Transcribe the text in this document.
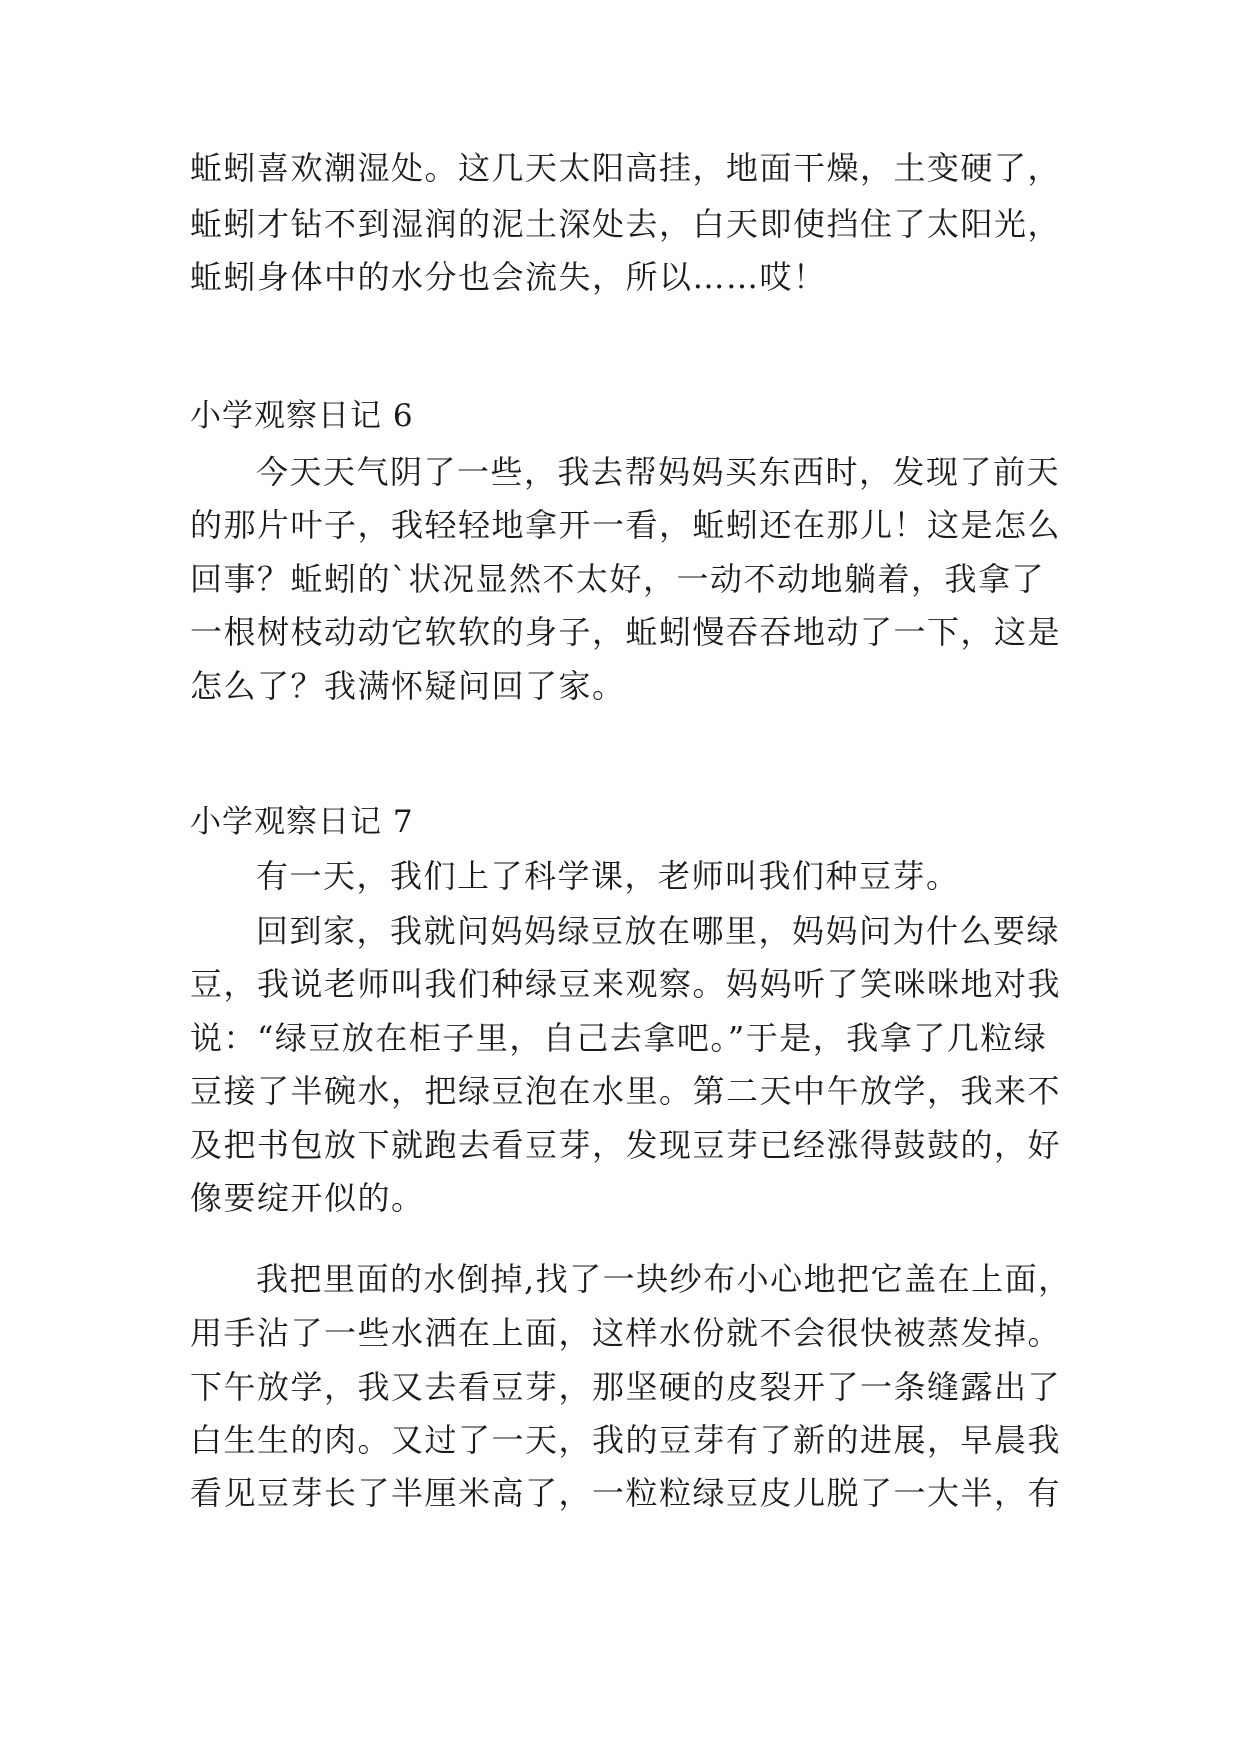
蚯蚓喜欢潮湿处。这几天太阳高挂，地面干燥，土变硬了，
蚯蚓才钻不到湿润的泥土深处去，白天即使挡住了太阳光，
蚯蚓身体中的水分也会流失，所以……哎！
小学观察日记 6
今天天气阴了一些，我去帮妈妈买东西时，发现了前天
的那片叶子，我轻轻地拿开一看，蚯蚓还在那儿！这是怎么
回事？蚯蚓的`状况显然不太好，一动不动地躺着，我拿了
一根树枝动动它软软的身子，蚯蚓慢吞吞地动了一下，这是
怎么了？我满怀疑问回了家。
小学观察日记 7
有一天，我们上了科学课，老师叫我们种豆芽。
回到家，我就问妈妈绿豆放在哪里，妈妈问为什么要绿
豆，我说老师叫我们种绿豆来观察。妈妈听了笑咪咪地对我
说：“绿豆放在柜子里，自己去拿吧。”于是，我拿了几粒绿
豆接了半碗水，把绿豆泡在水里。第二天中午放学，我来不
及把书包放下就跑去看豆芽，发现豆芽已经涨得鼓鼓的，好
像要绽开似的。
我把里面的水倒掉,找了一块纱布小心地把它盖在上面，
用手沾了一些水洒在上面，这样水份就不会很快被蒸发掉。
下午放学，我又去看豆芽，那坚硬的皮裂开了一条缝露出了
白生生的肉。又过了一天，我的豆芽有了新的进展，早晨我
看见豆芽长了半厘米高了，一粒粒绿豆皮儿脱了一大半，有
